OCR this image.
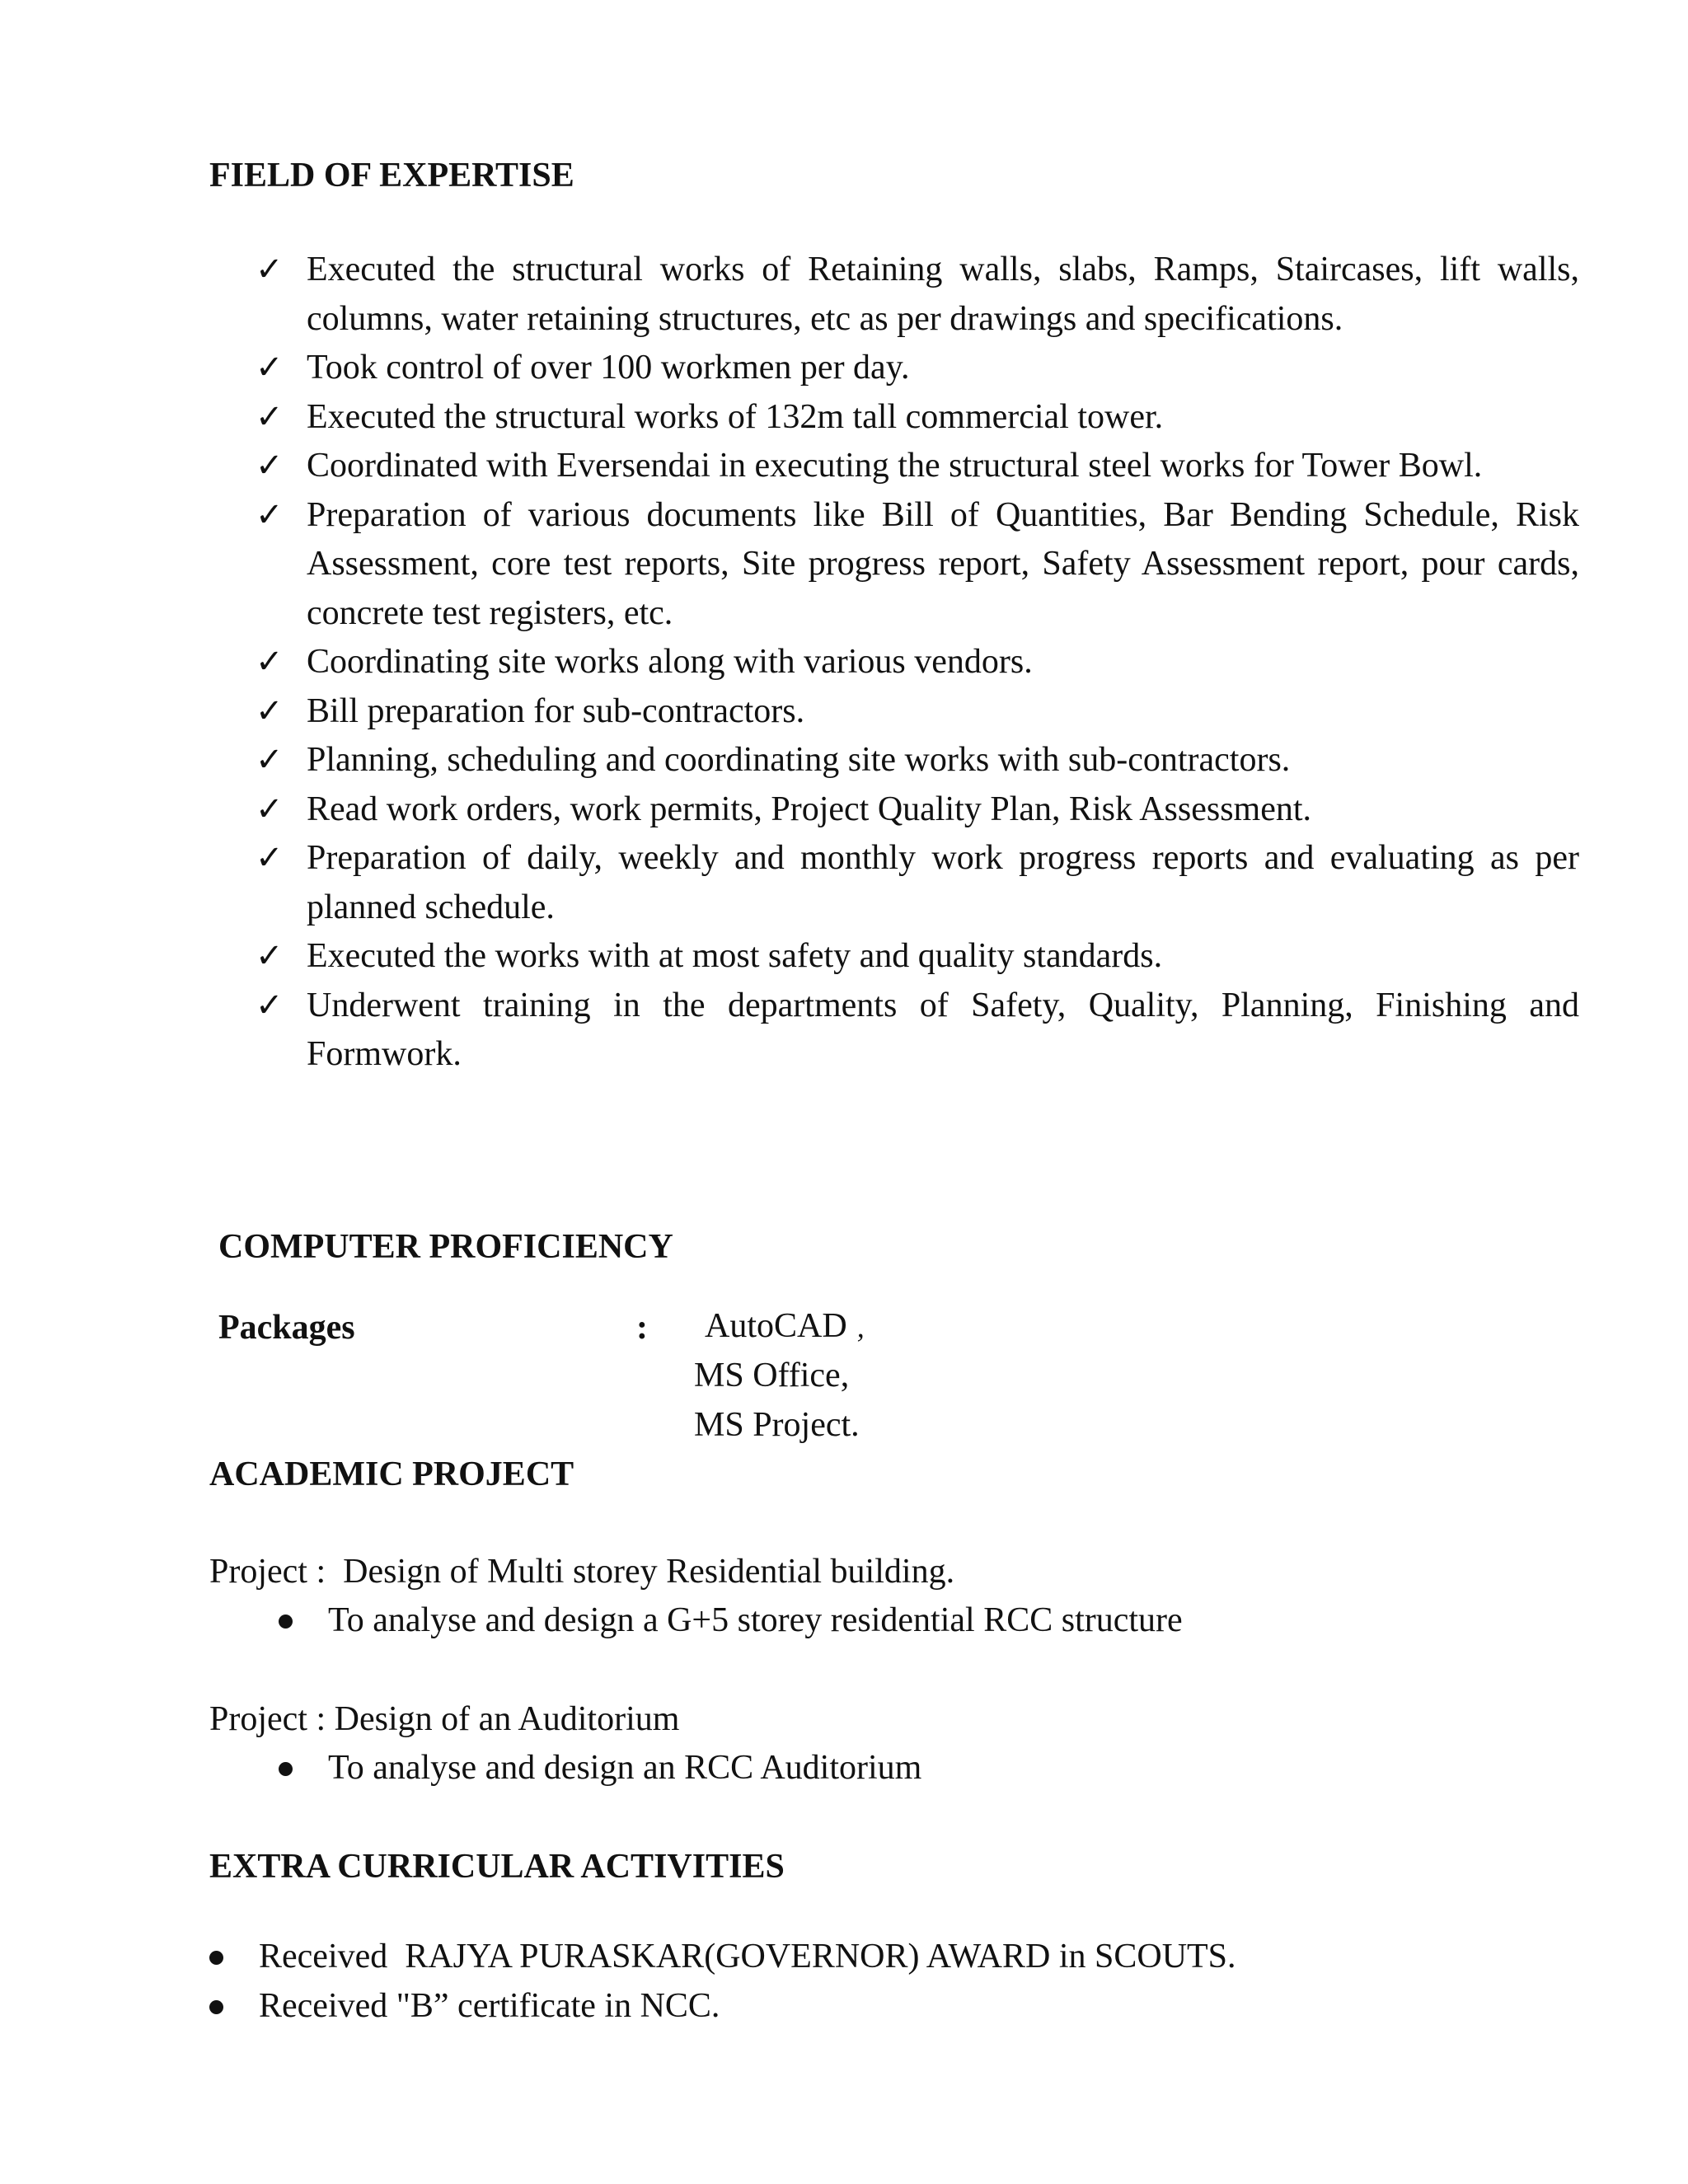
FIELD OF EXPERTISE
✓ Executed the structural works of Retaining walls, slabs, Ramps, Staircases, lift walls, columns, water retaining structures, etc as per drawings and specifications.
✓ Took control of over 100 workmen per day.
✓ Executed the structural works of 132m tall commercial tower.
✓ Coordinated with Eversendai in executing the structural steel works for Tower Bowl.
✓ Preparation of various documents like Bill of Quantities, Bar Bending Schedule, Risk Assessment, core test reports, Site progress report, Safety Assessment report, pour cards, concrete test registers, etc.
✓ Coordinating site works along with various vendors.
✓ Bill preparation for sub-contractors.
✓ Planning, scheduling and coordinating site works with sub-contractors.
✓ Read work orders, work permits, Project Quality Plan, Risk Assessment.
✓ Preparation of daily, weekly and monthly work progress reports and evaluating as per planned schedule.
✓ Executed the works with at most safety and quality standards.
✓ Underwent training in the departments of Safety, Quality, Planning, Finishing and Formwork.
COMPUTER PROFICIENCY
Packages	: AutoCAD ,
MS Office,
MS Project.
ACADEMIC PROJECT
Project :  Design of Multi storey Residential building.
To analyse and design a G+5 storey residential RCC structure
Project : Design of an Auditorium
To analyse and design an RCC Auditorium
EXTRA CURRICULAR ACTIVITIES

Received  RAJYA PURASKAR(GOVERNOR) AWARD in SCOUTS.

Received "B” certificate in NCC.
